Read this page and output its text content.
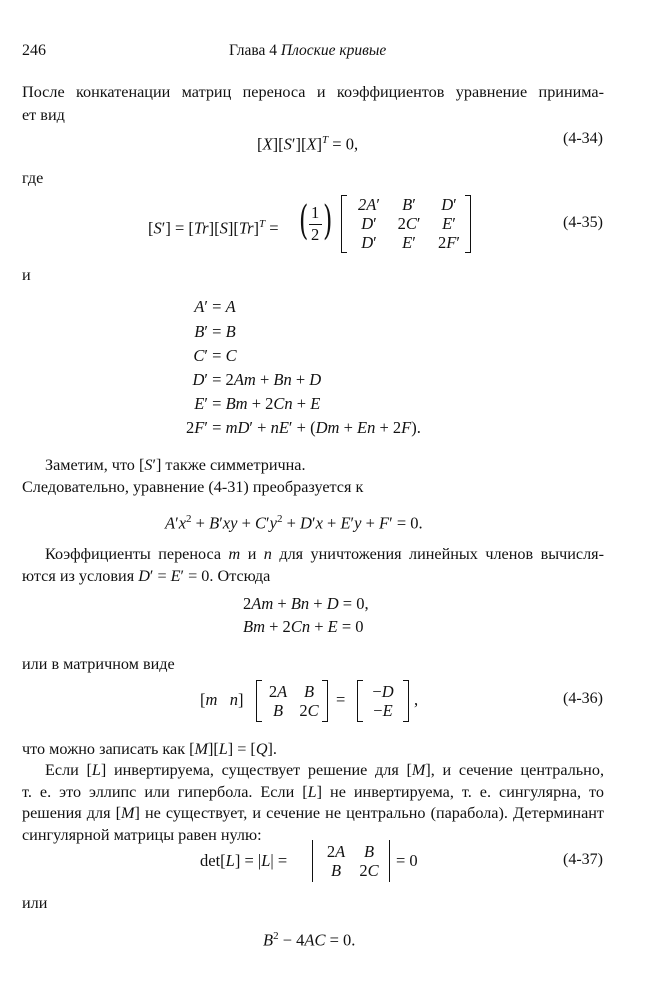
246	Глава 4 Плоские кривые
После конкатенации матриц переноса и коэффициентов уравнение принима-
ет вид
$[X][S'][X]^T = 0$,	(4-34)
где
$[S'] = [Tr][S][Tr]^T$ = ( 1
2 )	2A′	B′	D′
D′	2C′	E′
D′	E′	2F′
(4-35)
и
A′ = A
B′ = B
C′ = C
D′ = 2Am + Bn + D
E′ = Bm + 2Cn + E
2F′ = mD′ + nE′ + (Dm + En + 2F).
Заметим, что [S′] также симметрична.
Следовательно, уравнение (4-31) преобразуется к
$A'x^2 + B'xy + C'y^2 + D'x + E'y + F' = 0$.
Коэффициенты переноса m и n для уничтожения линейных членов вычисля-
ются из условия D′ = E′ = 0. Отсюда
2Am + Bn + D = 0,
Bm + 2Cn + E = 0
или в матричном виде
[m n]	2A	B
B 2C
=	−D
−E
,	(4-36)
что можно записать как [M][L] = [Q].
Если [L] инвертируема, существует решение для [M], и сечение центрально,
т. е. это эллипс или гипербола. Если [L] не инвертируема, т. е. сингулярна, то
решения для [M] не существует, и сечение не центрально (парабола). Детерминант
сингулярной матрицы равен нулю:
det[L] = |L| =	2A	B
B	2C
= 0	(4-37)
или
$B^2 - 4AC = 0$.
